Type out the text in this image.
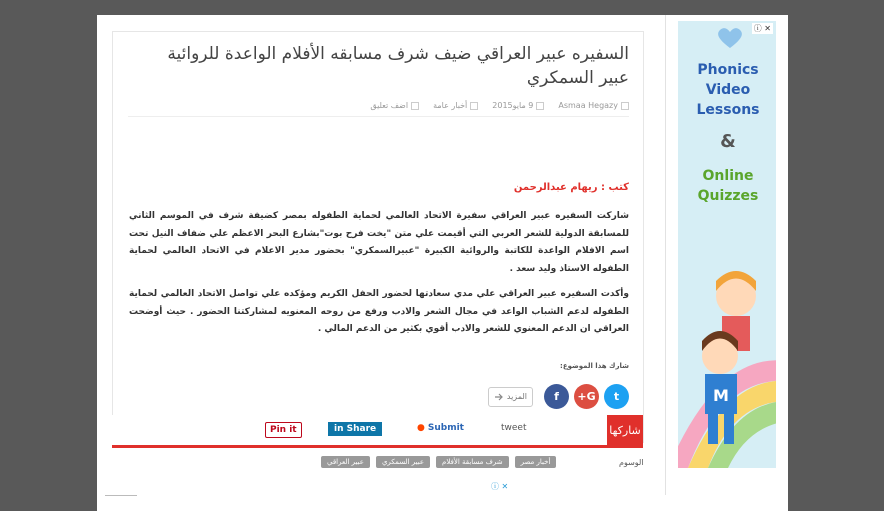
السفيره عبير العراقي ضيف شرف مسابقه الأفلام الواعدة للروائية عبير السمكري
Asmaa Hegazy
9 مايو2015
أخبار عامة
اضف تعليق
كتب : ريهام عبدالرحمن
شاركت السفيره عبير العراقي سفيرة الاتحاد العالمي لحماية الطفوله بمصر كضيفة شرف في الموسم الثاني للمسابقة الدولية للشعر العربي التي أقيمت علي متن "يخت فرح بوت"بشارع البحر الاعظم علي ضفاف النيل تحت اسم الافلام الواعدة للكاتبة والروائية الكبيرة "عبيرالسمكري" بحضور مدير الاعلام في الاتحاد العالمي لحماية الطفوله الاستاذ وليد سعد .
وأكدت السفيره عبير العراقي علي مدي سعادتها لحضور الحفل الكريم ومؤكده علي تواصل الاتحاد العالمي لحماية الطفوله لدعم الشباب الواعد في مجال الشعر والادب ورفع من روحه المعنويه لمشاركتنا الحضور . حيث أوضحت العراقي ان الدعم المعنوي للشعر والادب أقوي بكثير من الدعم المالي .
شارك هذا الموضوع:
t
G+
f
المزيد
شاركها
tweet
● Submit
in Share
Pin it
الوسوم
أخبار مصر
شرف مسابقة الأفلام
عبير السمكري
عبير العراقي
ⓘ ✕
Phonics
Video
Lessons
&
Online
Quizzes
M
ⓘ ✕
